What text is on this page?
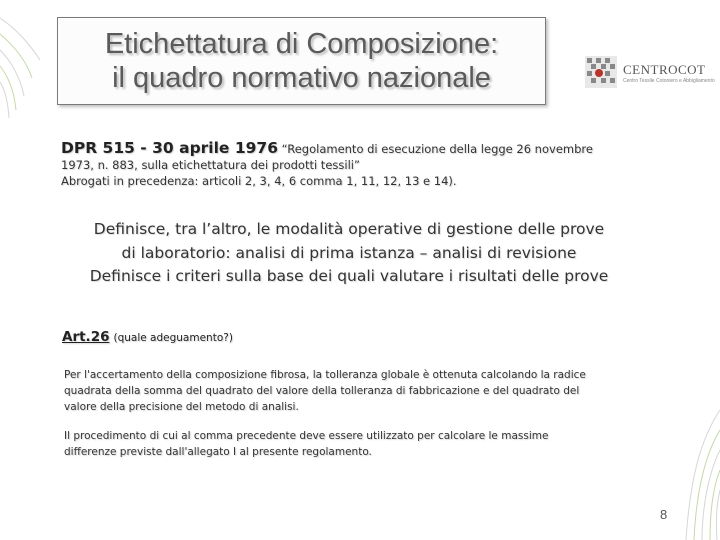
Etichettatura di Composizione:
il quadro normativo nazionale	CENTROCOT
Centro Tessile Cotoniero e Abbigliamento
DPR 515 - 30 aprile 1976 “Regolamento di esecuzione della legge 26 novembre
1973, n. 883, sulla etichettatura dei prodotti tessili”
Abrogati in precedenza: articoli 2, 3, 4, 6 comma 1, 11, 12, 13 e 14).
Definisce, tra l’altro, le modalità operative di gestione delle prove
di laboratorio: analisi di prima istanza – analisi di revisione
Definisce i criteri sulla base dei quali valutare i risultati delle prove
Art.26 (quale adeguamento?)
Per l'accertamento della composizione fibrosa, la tolleranza globale è ottenuta calcolando la radice quadrata della somma del quadrato del valore della tolleranza di fabbricazione e del quadrato del valore della precisione del metodo di analisi.
Il procedimento di cui al comma precedente deve essere utilizzato per calcolare le massime differenze previste dall'allegato I al presente regolamento.
8
